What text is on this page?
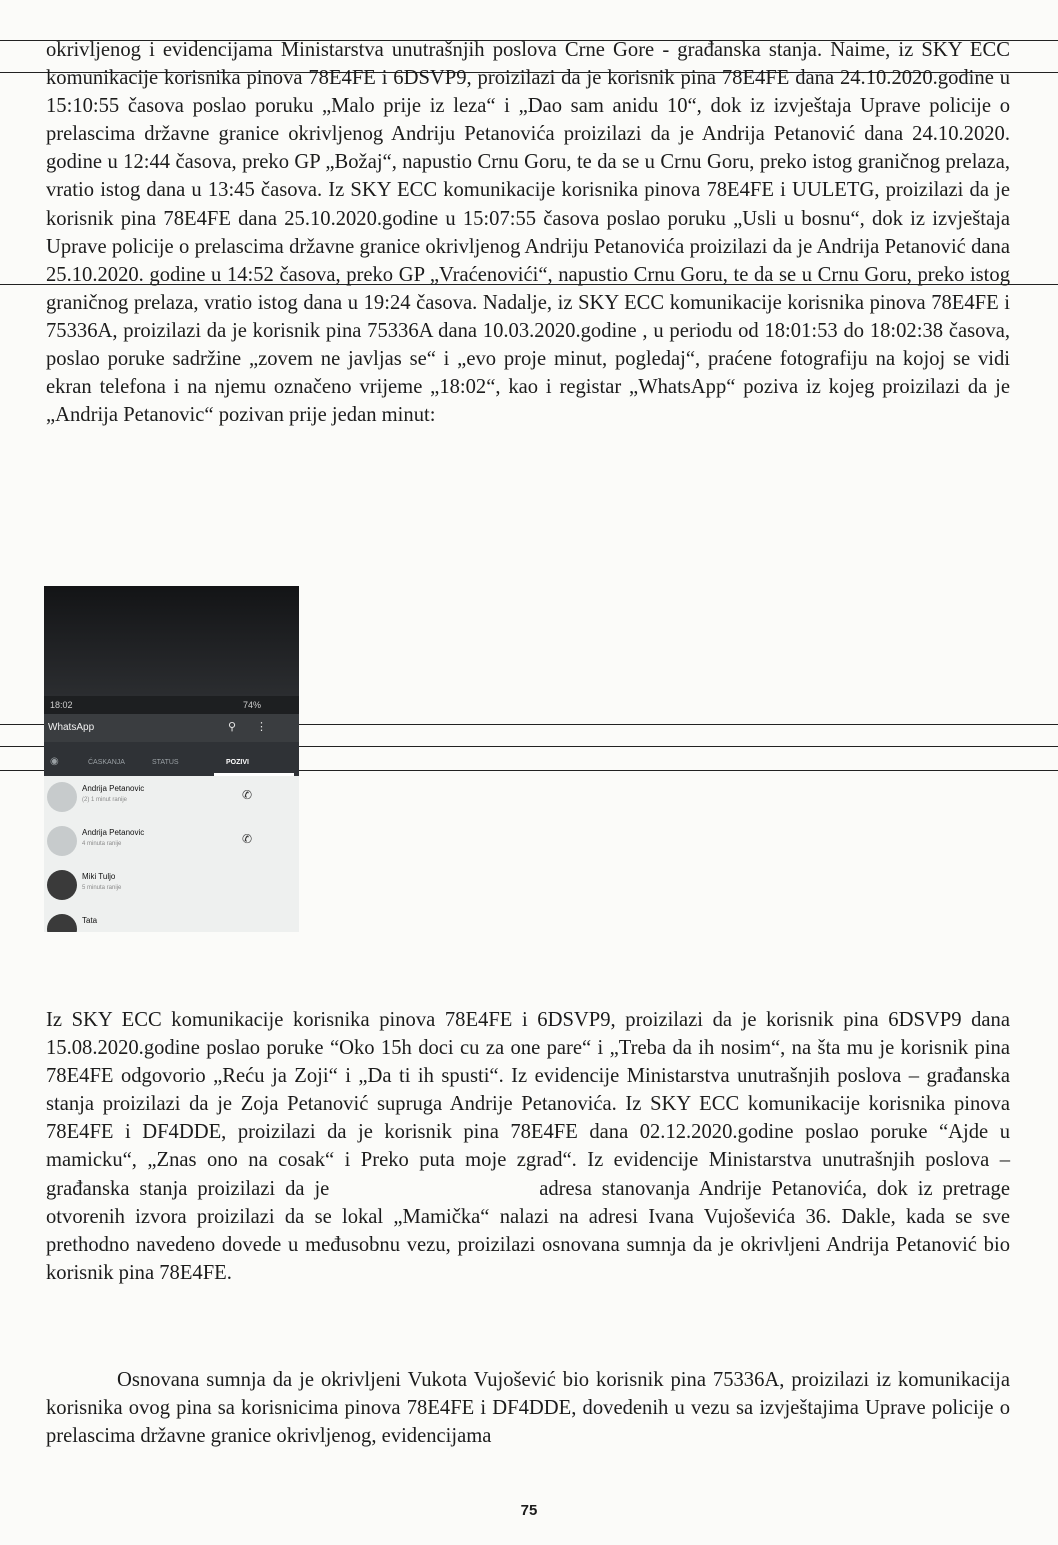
okrivljenog i evidencijama Ministarstva unutrašnjih poslova Crne Gore - građanska stanja. Naime, iz SKY ECC komunikacije korisnika pinova 78E4FE i 6DSVP9, proizilazi da je korisnik pina 78E4FE dana 24.10.2020.godine u 15:10:55 časova poslao poruku „Malo prije iz leza“ i „Dao sam anidu 10“, dok iz izvještaja Uprave policije o prelascima državne granice okrivljenog Andriju Petanovića proizilazi da je Andrija Petanović dana 24.10.2020. godine u 12:44 časova, preko GP „Božaj“, napustio Crnu Goru, te da se u Crnu Goru, preko istog graničnog prelaza, vratio istog dana u 13:45 časova. Iz SKY ECC komunikacije korisnika pinova 78E4FE i UULETG, proizilazi da je korisnik pina 78E4FE dana 25.10.2020.godine u 15:07:55 časova poslao poruku „Usli u bosnu“, dok iz izvještaja Uprave policije o prelascima državne granice okrivljenog Andriju Petanovića proizilazi da je Andrija Petanović dana 25.10.2020. godine u 14:52 časova, preko GP „Vraćenovići“, napustio Crnu Goru, te da se u Crnu Goru, preko istog graničnog prelaza, vratio istog dana u 19:24 časova. Nadalje, iz SKY ECC komunikacije korisnika pinova 78E4FE i 75336A, proizilazi da je korisnik pina 75336A dana 10.03.2020.godine , u periodu od 18:01:53 do 18:02:38 časova, poslao poruke sadržine „zovem ne javljas se“ i „evo proje minut, pogledaj“, praćene fotografiju na kojoj se vidi ekran telefona i na njemu označeno vrijeme „18:02“, kao i registar „WhatsApp“ poziva iz kojeg proizilazi da je „Andrija Petanovic“ pozivan prije jedan minut:

18:02	74%
WhatsApp	⚲ ⋮
◉	ĆASKANJA	STATUS	POZIVI
Andrija Petanovic
(2) 1 minut ranije	✆
Andrija Petanovic
4 minuta ranije	✆
Miki Tuljo
5 minuta ranije
Tata

Iz SKY ECC komunikacije korisnika pinova 78E4FE i 6DSVP9, proizilazi da je korisnik pina 6DSVP9 dana 15.08.2020.godine poslao poruke “Oko 15h doci cu za one pare“ i „Treba da ih nosim“, na šta mu je korisnik pina 78E4FE odgovorio „Reću ja Zoji“ i „Da ti ih spusti“. Iz evidencije Ministarstva unutrašnjih poslova – građanska stanja proizilazi da je Zoja Petanović supruga Andrije Petanovića. Iz SKY ECC komunikacije korisnika pinova 78E4FE i DF4DDE, proizilazi da je korisnik pina 78E4FE dana 02.12.2020.godine poslao poruke “Ajde u mamicku“, „Znas ono na cosak“ i Preko puta moje zgrad“. Iz evidencije Ministarstva unutrašnjih poslova – građanska stanja proizilazi da je	adresa stanovanja Andrije Petanovića, dok iz pretrage otvorenih izvora proizilazi da se lokal „Mamička“ nalazi na adresi Ivana Vujoševića 36. Dakle, kada se sve prethodno navedeno dovede u međusobnu vezu, proizilazi osnovana sumnja da je okrivljeni Andrija Petanović bio korisnik pina 78E4FE.

Osnovana sumnja da je okrivljeni Vukota Vujošević bio korisnik pina 75336A, proizilazi iz komunikacija korisnika ovog pina sa korisnicima pinova 78E4FE i DF4DDE, dovedenih u vezu sa izvještajima Uprave policije o prelascima državne granice okrivljenog, evidencijama

75
